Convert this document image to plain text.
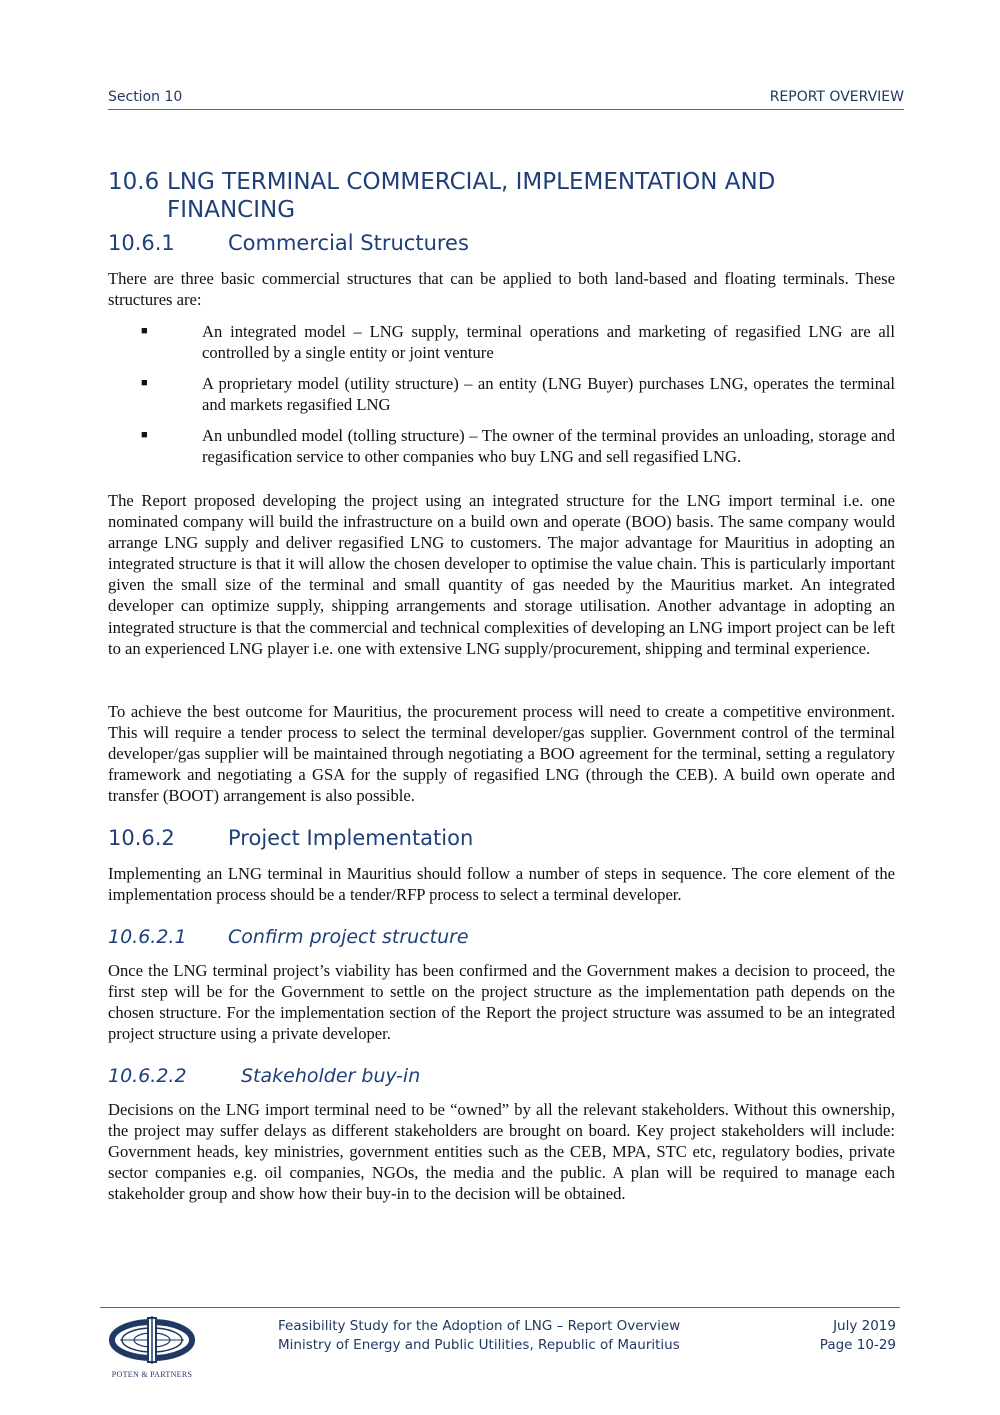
Section 10	REPORT OVERVIEW
10.6 LNG TERMINAL COMMERCIAL, IMPLEMENTATION AND FINANCING
10.6.1	Commercial Structures

There are three basic commercial structures that can be applied to both land-based and floating terminals. These structures are:

■	An integrated model – LNG supply, terminal operations and marketing of regasified LNG are all controlled by a single entity or joint venture
■	A proprietary model (utility structure) – an entity (LNG Buyer) purchases LNG, operates the terminal and markets regasified LNG
■	An unbundled model (tolling structure) – The owner of the terminal provides an unloading, storage and regasification service to other companies who buy LNG and sell regasified LNG.

The Report proposed developing the project using an integrated structure for the LNG import terminal i.e. one nominated company will build the infrastructure on a build own and operate (BOO) basis. The same company would arrange LNG supply and deliver regasified LNG to customers. The major advantage for Mauritius in adopting an integrated structure is that it will allow the chosen developer to optimise the value chain. This is particularly important given the small size of the terminal and small quantity of gas needed by the Mauritius market. An integrated developer can optimize supply, shipping arrangements and storage utilisation. Another advantage in adopting an integrated structure is that the commercial and technical complexities of developing an LNG import project can be left to an experienced LNG player i.e. one with extensive LNG supply/procurement, shipping and terminal experience.

To achieve the best outcome for Mauritius, the procurement process will need to create a competitive environment. This will require a tender process to select the terminal developer/gas supplier. Government control of the terminal developer/gas supplier will be maintained through negotiating a BOO agreement for the terminal, setting a regulatory framework and negotiating a GSA for the supply of regasified LNG (through the CEB). A build own operate and transfer (BOOT) arrangement is also possible.

10.6.2	Project Implementation

Implementing an LNG terminal in Mauritius should follow a number of steps in sequence. The core element of the implementation process should be a tender/RFP process to select a terminal developer.

10.6.2.1 Confirm project structure

Once the LNG terminal project’s viability has been confirmed and the Government makes a decision to proceed, the first step will be for the Government to settle on the project structure as the implementation path depends on the chosen structure. For the implementation section of the Report the project structure was assumed to be an integrated project structure using a private developer.

10.6.2.2	Stakeholder buy-in

Decisions on the LNG import terminal need to be “owned” by all the relevant stakeholders. Without this ownership, the project may suffer delays as different stakeholders are brought on board. Key project stakeholders will include: Government heads, key ministries, government entities such as the CEB, MPA, STC etc, regulatory bodies, private sector companies e.g. oil companies, NGOs, the media and the public. A plan will be required to manage each stakeholder group and show how their buy-in to the decision will be obtained.

POTEN & PARTNERS
Feasibility Study for the Adoption of LNG – Report Overview
Ministry of Energy and Public Utilities, Republic of Mauritius
July 2019
Page 10-29
